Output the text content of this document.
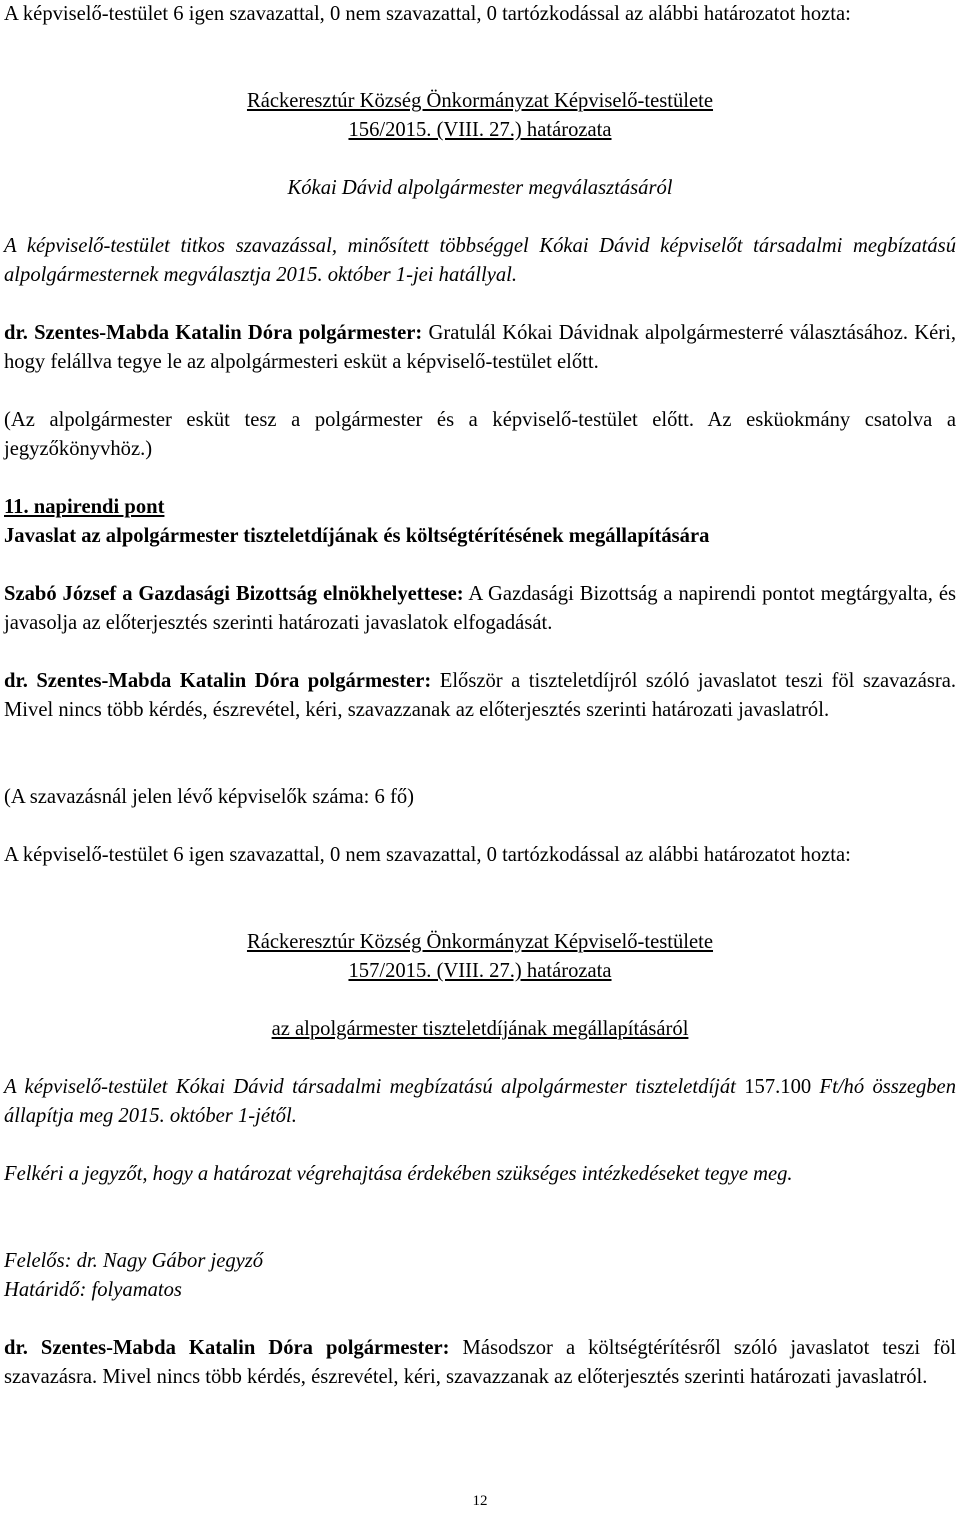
A képviselő-testület 6 igen szavazattal, 0 nem szavazattal, 0 tartózkodással az alábbi határozatot hozta:

Ráckeresztúr Község Önkormányzat Képviselő-testülete

156/2015. (VIII. 27.) határozata

Kókai Dávid alpolgármester megválasztásáról

A képviselő-testület titkos szavazással, minősített többséggel Kókai Dávid képviselőt társadalmi megbízatású alpolgármesternek megválasztja 2015. október 1-jei hatállyal.

dr. Szentes-Mabda Katalin Dóra polgármester: Gratulál Kókai Dávidnak alpolgármesterré választásához. Kéri, hogy felállva tegye le az alpolgármesteri esküt a képviselő-testület előtt.

(Az alpolgármester esküt tesz a polgármester és a képviselő-testület előtt. Az esküokmány csatolva a jegyzőkönyvhöz.)

11. napirendi pont

Javaslat az alpolgármester tiszteletdíjának és költségtérítésének megállapítására

Szabó József a Gazdasági Bizottság elnökhelyettese: A Gazdasági Bizottság a napirendi pontot megtárgyalta, és javasolja az előterjesztés szerinti határozati javaslatok elfogadását.

dr. Szentes-Mabda Katalin Dóra polgármester: Először a tiszteletdíjról szóló javaslatot teszi föl szavazásra. Mivel nincs több kérdés, észrevétel, kéri, szavazzanak az előterjesztés szerinti határozati javaslatról.

(A szavazásnál jelen lévő képviselők száma: 6 fő)

A képviselő-testület 6 igen szavazattal, 0 nem szavazattal, 0 tartózkodással az alábbi határozatot hozta:

Ráckeresztúr Község Önkormányzat Képviselő-testülete

157/2015. (VIII. 27.) határozata

az alpolgármester tiszteletdíjának megállapításáról

A képviselő-testület Kókai Dávid társadalmi megbízatású alpolgármester tiszteletdíját 157.100 Ft/hó összegben állapítja meg 2015. október 1-jétől.

Felkéri a jegyzőt, hogy a határozat végrehajtása érdekében szükséges intézkedéseket tegye meg.

Felelős: dr. Nagy Gábor jegyző

Határidő: folyamatos

dr. Szentes-Mabda Katalin Dóra polgármester: Másodszor a költségtérítésről szóló javaslatot teszi föl szavazásra. Mivel nincs több kérdés, észrevétel, kéri, szavazzanak az előterjesztés szerinti határozati javaslatról.

12
